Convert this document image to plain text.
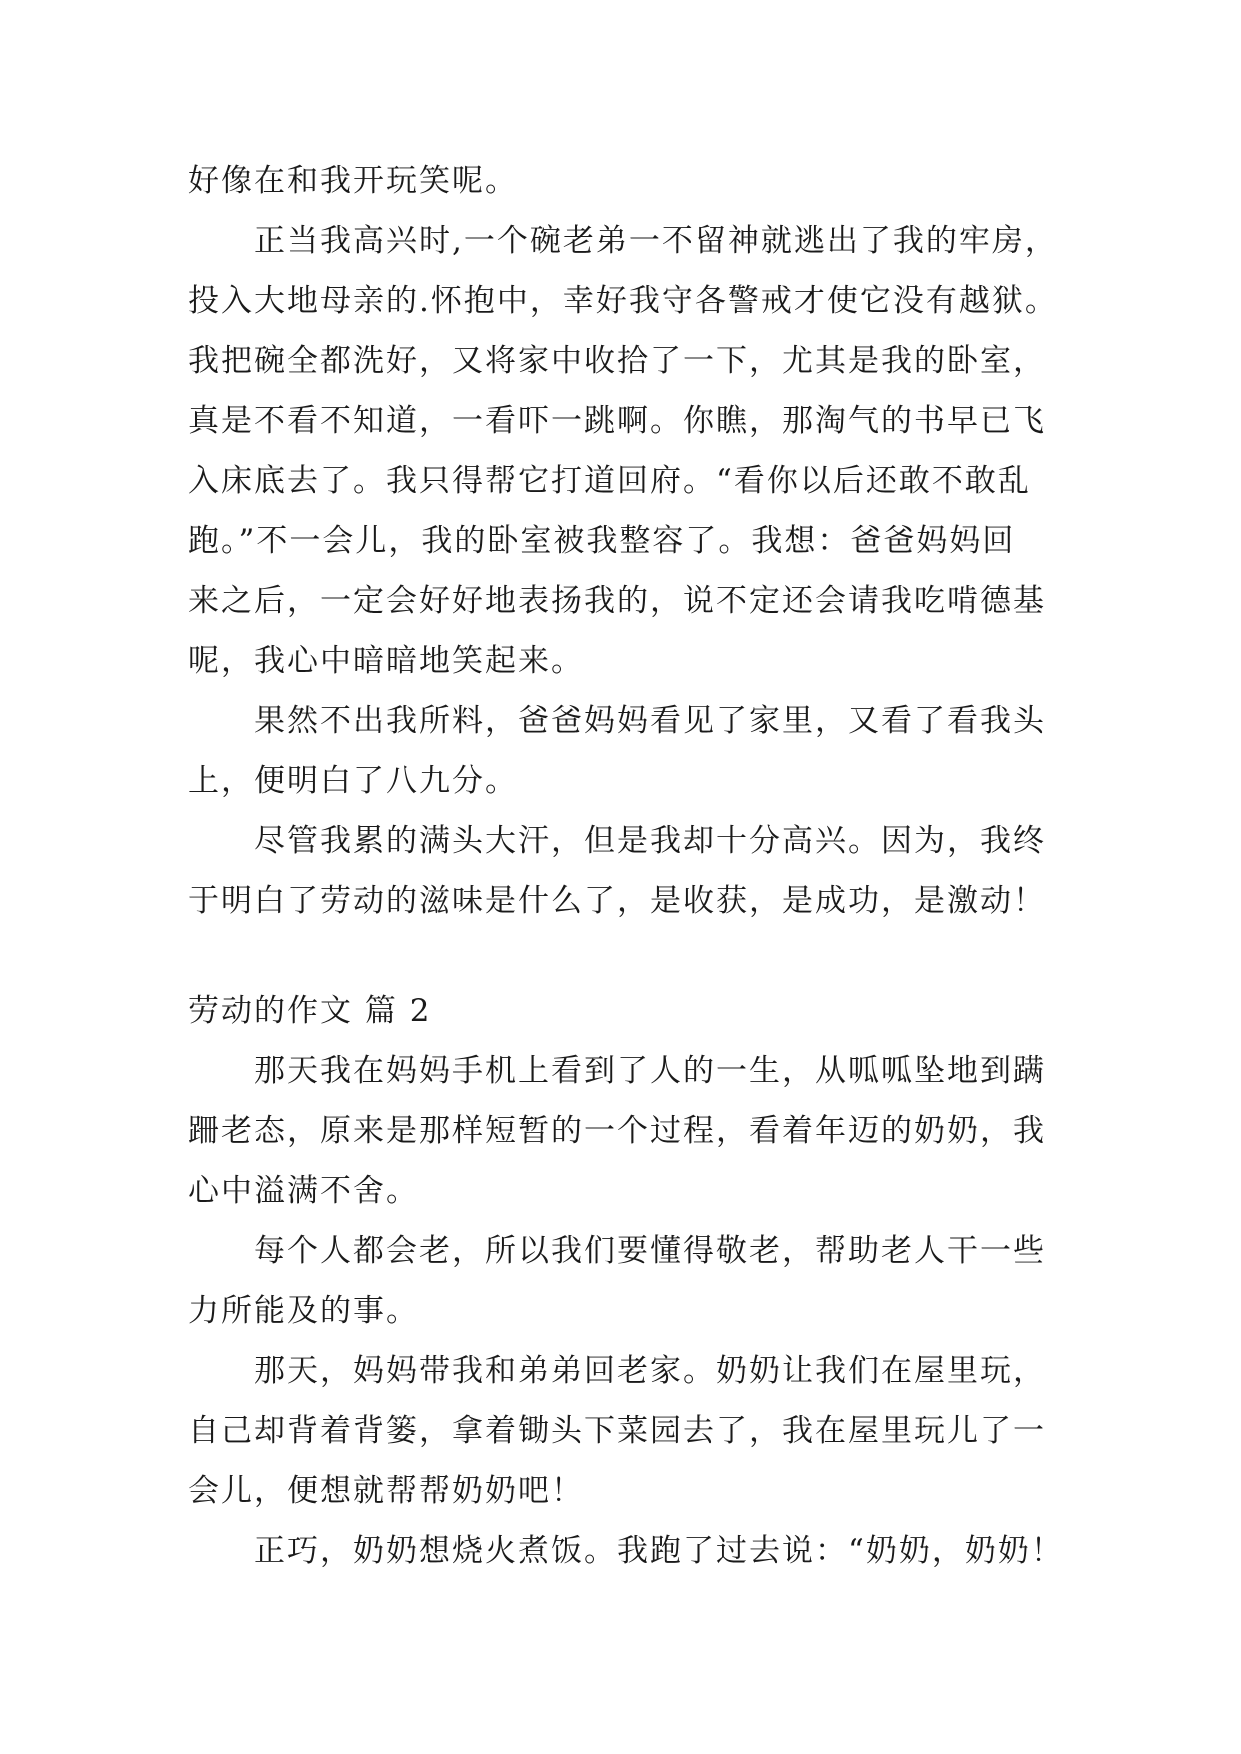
好像在和我开玩笑呢。
正当我高兴时,一个碗老弟一不留神就逃出了我的牢房，
投入大地母亲的.怀抱中，幸好我守各警戒才使它没有越狱。
我把碗全都洗好，又将家中收拾了一下，尤其是我的卧室，
真是不看不知道，一看吓一跳啊。你瞧，那淘气的书早已飞
入床底去了。我只得帮它打道回府。“看你以后还敢不敢乱
跑。”不一会儿，我的卧室被我整容了。我想：爸爸妈妈回
来之后，一定会好好地表扬我的，说不定还会请我吃啃德基
呢，我心中暗暗地笑起来。
果然不出我所料，爸爸妈妈看见了家里，又看了看我头
上，便明白了八九分。
尽管我累的满头大汗，但是我却十分高兴。因为，我终
于明白了劳动的滋味是什么了，是收获，是成功，是激动！
劳动的作文 篇 2
那天我在妈妈手机上看到了人的一生，从呱呱坠地到蹒
跚老态，原来是那样短暂的一个过程，看着年迈的奶奶，我
心中溢满不舍。
每个人都会老，所以我们要懂得敬老，帮助老人干一些
力所能及的事。
那天，妈妈带我和弟弟回老家。奶奶让我们在屋里玩，
自己却背着背篓，拿着锄头下菜园去了，我在屋里玩儿了一
会儿，便想就帮帮奶奶吧！
正巧，奶奶想烧火煮饭。我跑了过去说：“奶奶，奶奶！
